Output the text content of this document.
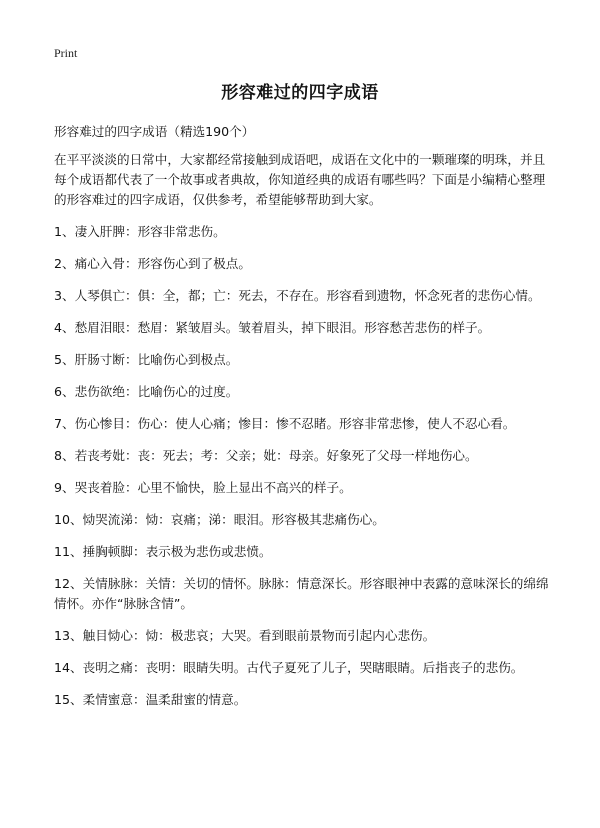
Print
形容难过的四字成语

形容难过的四字成语（精选190个）

在平平淡淡的日常中，大家都经常接触到成语吧，成语在文化中的一颗璀璨的明珠，并且每个成语都代表了一个故事或者典故，你知道经典的成语有哪些吗？下面是小编精心整理的形容难过的四字成语，仅供参考，希望能够帮助到大家。

1、凄入肝脾：形容非常悲伤。
2、痛心入骨：形容伤心到了极点。
3、人琴俱亡：俱：全，都；亡：死去，不存在。形容看到遗物，怀念死者的悲伤心情。
4、愁眉泪眼：愁眉：紧皱眉头。皱着眉头，掉下眼泪。形容愁苦悲伤的样子。
5、肝肠寸断：比喻伤心到极点。
6、悲伤欲绝：比喻伤心的过度。
7、伤心惨目：伤心：使人心痛；惨目：惨不忍睹。形容非常悲惨，使人不忍心看。
8、若丧考妣：丧：死去；考：父亲；妣：母亲。好象死了父母一样地伤心。
9、哭丧着脸：心里不愉快，脸上显出不高兴的样子。
10、恸哭流涕：恸：哀痛；涕：眼泪。形容极其悲痛伤心。
11、捶胸顿脚：表示极为悲伤或悲愤。
12、关情脉脉：关情：关切的情怀。脉脉：情意深长。形容眼神中表露的意味深长的绵绵情怀。亦作“脉脉含情”。
13、触目恸心：恸：极悲哀；大哭。看到眼前景物而引起内心悲伤。
14、丧明之痛：丧明：眼睛失明。古代子夏死了儿子，哭瞎眼睛。后指丧子的悲伤。
15、柔情蜜意：温柔甜蜜的情意。
